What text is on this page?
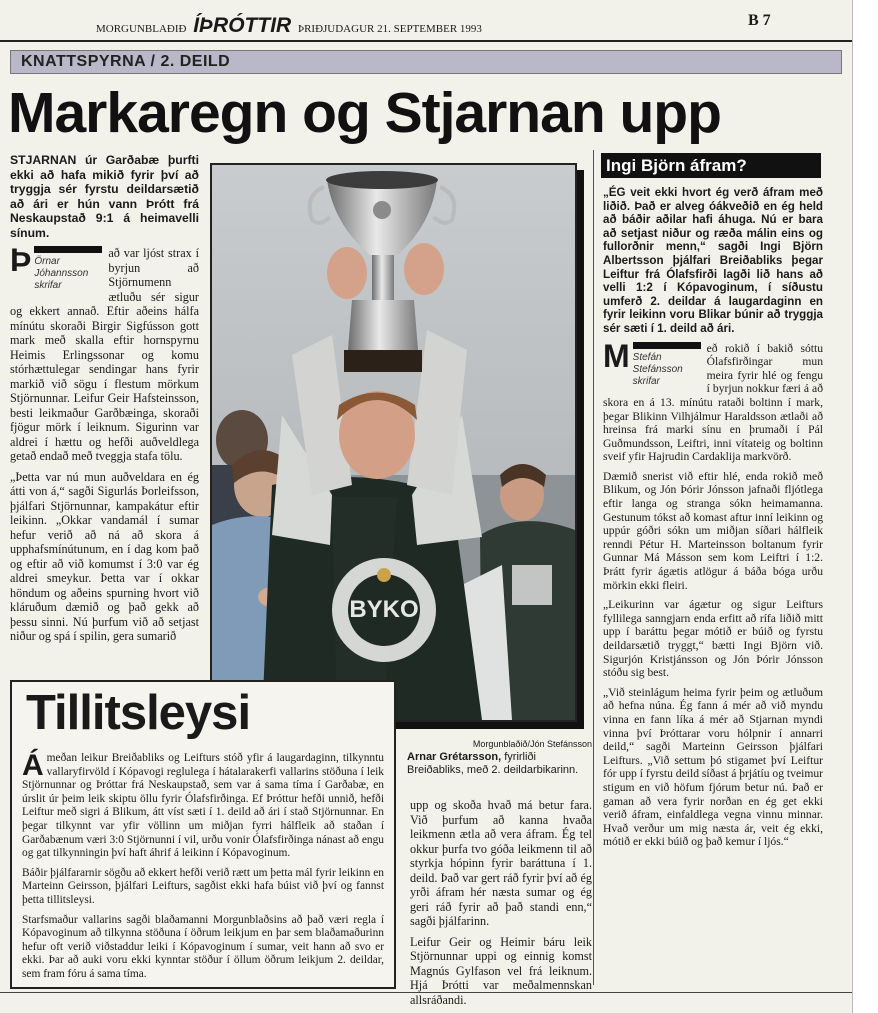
MORGUNBLAÐIÐ ÍÞRÓTTIR ÞRIÐJUDAGUR 21. SEPTEMBER 1993	B 7
KNATTSPYRNA / 2. DEILD
Markaregn og Stjarnan upp

STJARNAN úr Garðabæ þurfti ekki að hafa mikið fyrir því að tryggja sér fyrstu deildarsætið að ári er hún vann Þrótt frá Neskaupstað 9:1 á heimavelli sínum.

Þ Örnar Jóhannsson skrifar
að var ljóst strax í byrjun að Stjörnumenn ætluðu sér sigur og ekkert annað. Eftir aðeins hálfa mínútu skoraði Birgir Sigfússon gott mark með skalla eftir hornspyrnu Heimis Erlingssonar og komu stórhættulegar sendingar hans fyrir markið við sögu í flestum mörkum Stjörnunnar. Leifur Geir Hafsteinsson, besti leikmaður Garðbæinga, skoraði fjögur mörk í leiknum. Sigurinn var aldrei í hættu og hefði auðveldlega getað endað með tveggja stafa tölu.

„Þetta var nú mun auðveldara en ég átti von á,“ sagði Sigurlás Þorleifsson, þjálfari Stjörnunnar, kampakátur eftir leikinn. „Okkar vandamál í sumar hefur verið að ná að skora á upphafsmínútunum, en í dag kom það og eftir að við komumst í 3:0 var ég aldrei smeykur. Þetta var í okkar höndum og aðeins spurning hvort við kláruðum dæmið og það gekk að þessu sinni. Nú þurfum við að setjast niður og spá í spilin, gera sumarið

BYKO
Morgunblaðið/Jón Stefánsson
Arnar Grétarsson, fyrirliði Breiðabliks, með 2. deildarbikarinn.

upp og skoða hvað má betur fara. Við þurfum að kanna hvaða leikmenn ætla að vera áfram. Ég tel okkur þurfa tvo góða leikmenn til að styrkja hópinn fyrir baráttuna í 1. deild. Það var gert ráð fyrir því að ég yrði áfram hér næsta sumar og ég geri ráð fyrir að það standi enn,“ sagði þjálfarinn.

Leifur Geir og Heimir báru leik Stjörnunnar uppi og einnig komst Magnús Gylfason vel frá leiknum. Hjá Þrótti var meðalmennskan allsráðandi.

Tillitsleysi

Á meðan leikur Breiðabliks og Leifturs stóð yfir á laugardaginn, tilkynntu vallaryfirvöld í Kópavogi reglulega í hátalarakerfi vallarins stöðuna í leik Stjörnunnar og Þróttar frá Neskaupstað, sem var á sama tíma í Garðabæ, en úrslit úr þeim leik skiptu öllu fyrir Ólafsfirðinga. Ef Þróttur hefði unnið, hefði Leiftur með sigri á Blikum, átt víst sæti í 1. deild að ári í stað Stjörnunnar. En þegar tilkynnt var yfir völlinn um miðjan fyrri hálfleik að staðan í Garðabænum væri 3:0 Stjörnunni í vil, urðu vonir Ólafsfirðinga nánast að engu og gat tilkynningin því haft áhrif á leikinn í Kópavoginum.

Báðir þjálfararnir sögðu að ekkert hefði verið rætt um þetta mál fyrir leikinn en Marteinn Geirsson, þjálfari Leifturs, sagðist ekki hafa búist við því og fannst þetta tillitsleysi.

Starfsmaður vallarins sagði blaðamanni Morgunblaðsins að það væri regla í Kópavoginum að tilkynna stöðuna í öðrum leikjum en þar sem blaðamaðurinn hefur oft verið viðstaddur leiki í Kópavoginum í sumar, veit hann að svo er ekki. Þar að auki voru ekki kynntar stöður í öllum öðrum leikjum 2. deildar, sem fram fóru á sama tíma.

Ingi Björn áfram?

„ÉG veit ekki hvort ég verð áfram með liðið. Það er alveg óákveðið en ég held að báðir aðilar hafi áhuga. Nú er bara að setjast niður og ræða málin eins og fullorðnir menn,“ sagði Ingi Björn Albertsson þjálfari Breiðabliks þegar Leiftur frá Ólafsfirði lagði lið hans að velli 1:2 í Kópavoginum, í síðustu umferð 2. deildar á laugardaginn en fyrir leikinn voru Blikar búnir að tryggja sér sæti í 1. deild að ári.

M Stefán Stefánsson skrifar
eð rokið í bakið sóttu Ólafsfirðingar mun meira fyrir hlé og fengu í byrjun nokkur færi á að skora en á 13. mínútu rataði boltinn í mark, þegar Blikinn Vilhjálmur Haraldsson ætlaði að hreinsa frá marki sínu en þrumaði í Pál Guðmundsson, Leiftri, inni vítateig og boltinn sveif yfir Hajrudin Cardaklija markvörð.

Dæmið snerist við eftir hlé, enda rokið með Blikum, og Jón Þórir Jónsson jafnaði fljótlega eftir langa og stranga sókn heimamanna. Gestunum tókst að komast aftur inní leikinn og uppúr góðri sókn um miðjan síðari hálfleik renndi Pétur H. Marteinsson boltanum fyrir Gunnar Má Másson sem kom Leiftri í 1:2. Þrátt fyrir ágætis atlögur á báða bóga urðu mörkin ekki fleiri.

„Leikurinn var ágætur og sigur Leifturs fyllilega sanngjarn enda erfitt að rífa liðið mitt upp í baráttu þegar mótið er búið og fyrstu deildarsætið tryggt,“ bætti Ingi Björn við. Sigurjón Kristjánsson og Jón Þórir Jónsson stóðu sig best.

„Við steinlágum heima fyrir þeim og ætluðum að hefna núna. Ég fann á mér að við myndu vinna en fann líka á mér að Stjarnan myndi vinna því Þróttarar voru hólpnir í annarri deild,“ sagði Marteinn Geirsson þjálfari Leifturs. „Við settum þó stigamet því Leiftur fór upp í fyrstu deild síðast á þrjátíu og tveimur stigum en við höfum fjórum betur nú. Það er gaman að vera fyrir norðan en ég get ekki verið áfram, einfaldlega vegna vinnu minnar. Hvað verður um mig næsta ár, veit ég ekki, mótið er ekki búið og það kemur í ljós.“
